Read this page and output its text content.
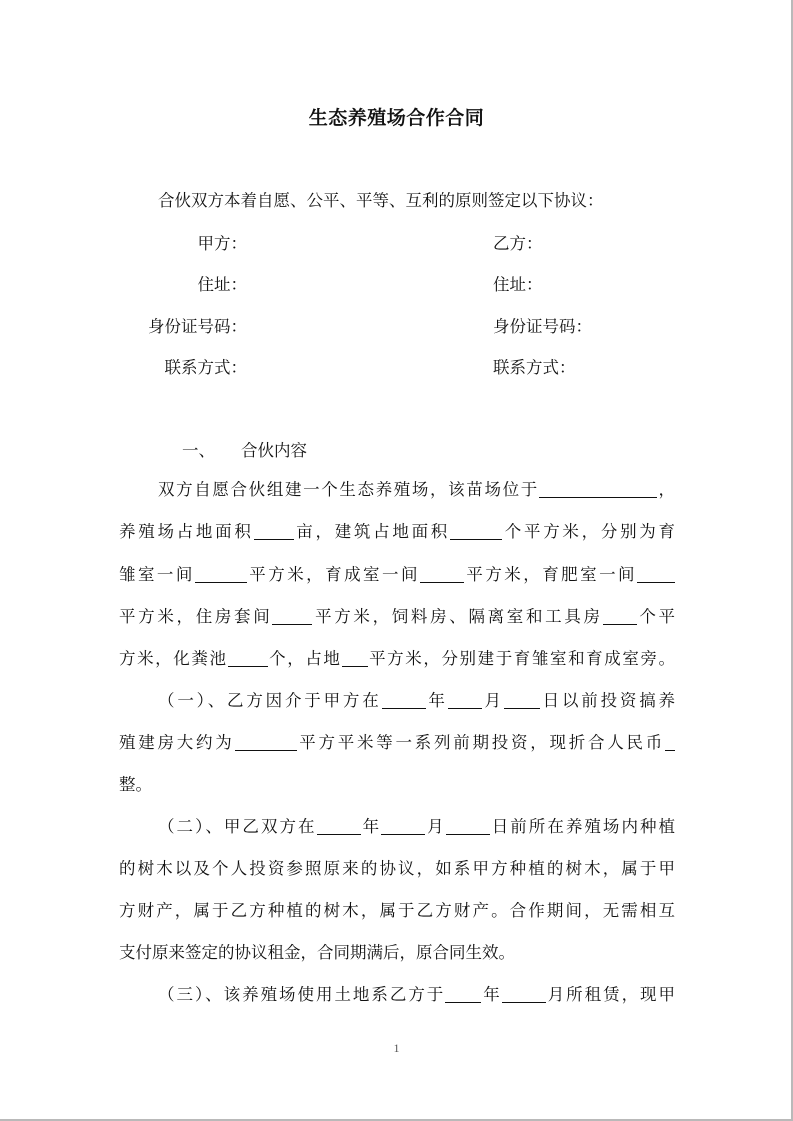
生态养殖场合作合同
合伙双方本着自愿、公平、平等、互利的原则签定以下协议：
甲方：	乙方：
住址：	住址：
身份证号码：	身份证号码：
联系方式：	联系方式：
一、 合伙内容
双方自愿合伙组建一个生态养殖场，该苗场位于	，
养殖场占地面积 亩，建筑占地面积	个平方米，分别为育
雏室一间	平方米，育成室一间	平方米，育肥室一间
平方米，住房套间 平方米，饲料房、隔离室和工具房 个平
方米，化粪池 个，占地 平方米，分别建于育雏室和育成室旁。
（一）、乙方因介于甲方在	年 月 日以前投资搞养
殖建房大约为	平方平米等一系列前期投资，现折合人民币
整。
（二）、甲乙双方在	年	月	日前所在养殖场内种植
的树木以及个人投资参照原来的协议，如系甲方种植的树木，属于甲
方财产，属于乙方种植的树木，属于乙方财产。合作期间，无需相互
支付原来签定的协议租金，合同期满后，原合同生效。
（三）、该养殖场使用土地系乙方于 年	月所租赁，现甲
1
